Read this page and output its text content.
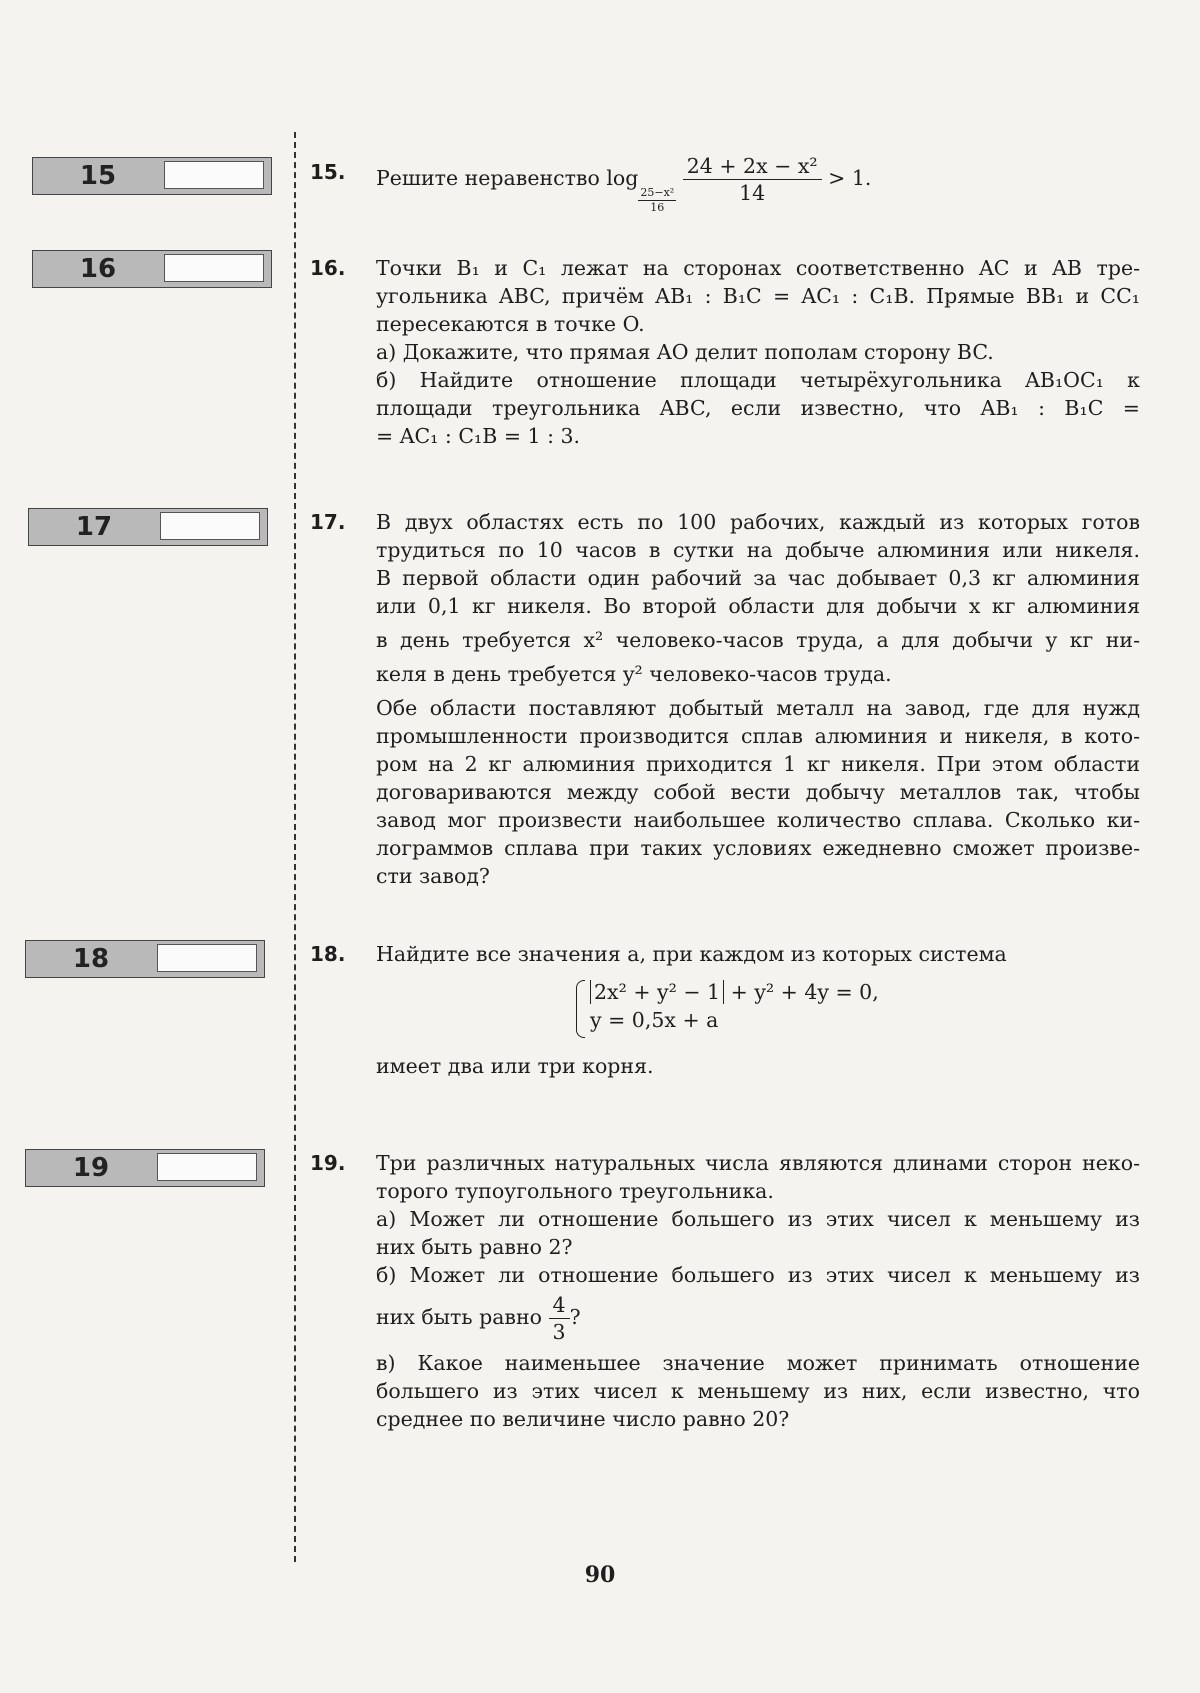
15
16
17
18
19
15. Решите неравенство log
$\frac{\text{25−x²}}{16}$
$\frac{\text{24 + 2x − x²}}{14} > 1$.

16. Точки B₁ и C₁ лежат на сторонах соответственно AC и AB тре-

угольника ABC, причём AB₁ : B₁C = AC₁ : C₁B. Прямые BB₁ и CC₁

пересекаются в точке O.

а) Докажите, что прямая AO делит пополам сторону BC.

б) Найдите отношение площади четырёхугольника AB₁OC₁ к

площади треугольника ABC, если известно, что AB₁ : B₁C =

= AC₁ : C₁B = 1 : 3.

17. В двух областях есть по 100 рабочих, каждый из которых готов

трудиться по 10 часов в сутки на добыче алюминия или никеля.

В первой области один рабочий за час добывает 0,3 кг алюминия

или 0,1 кг никеля. Во второй области для добычи x кг алюминия

в день требуется x² человеко-часов труда, а для добычи y кг ни-

келя в день требуется y² человеко-часов труда.

Обе области поставляют добытый металл на завод, где для нужд

промышленности производится сплав алюминия и никеля, в кото-

ром на 2 кг алюминия приходится 1 кг никеля. При этом области

договариваются между собой вести добычу металлов так, чтобы

завод мог произвести наибольшее количество сплава. Сколько ки-

лограммов сплава при таких условиях ежедневно сможет произве-

сти завод?

18. Найдите все значения a, при каждом из которых система

2x² + y² − 1 + y² + 4y = 0,

y = 0,5x + a

имеет два или три корня.

19. Три различных натуральных числа являются длинами сторон неко-

торого тупоугольного треугольника.

а) Может ли отношение большего из этих чисел к меньшему из

них быть равно 2?

б) Может ли отношение большего из этих чисел к меньшему из

них быть равно $\frac{4}{3}$ ?

в) Какое наименьшее значение может принимать отношение

большего из этих чисел к меньшему из них, если известно, что

среднее по величине число равно 20?

90
